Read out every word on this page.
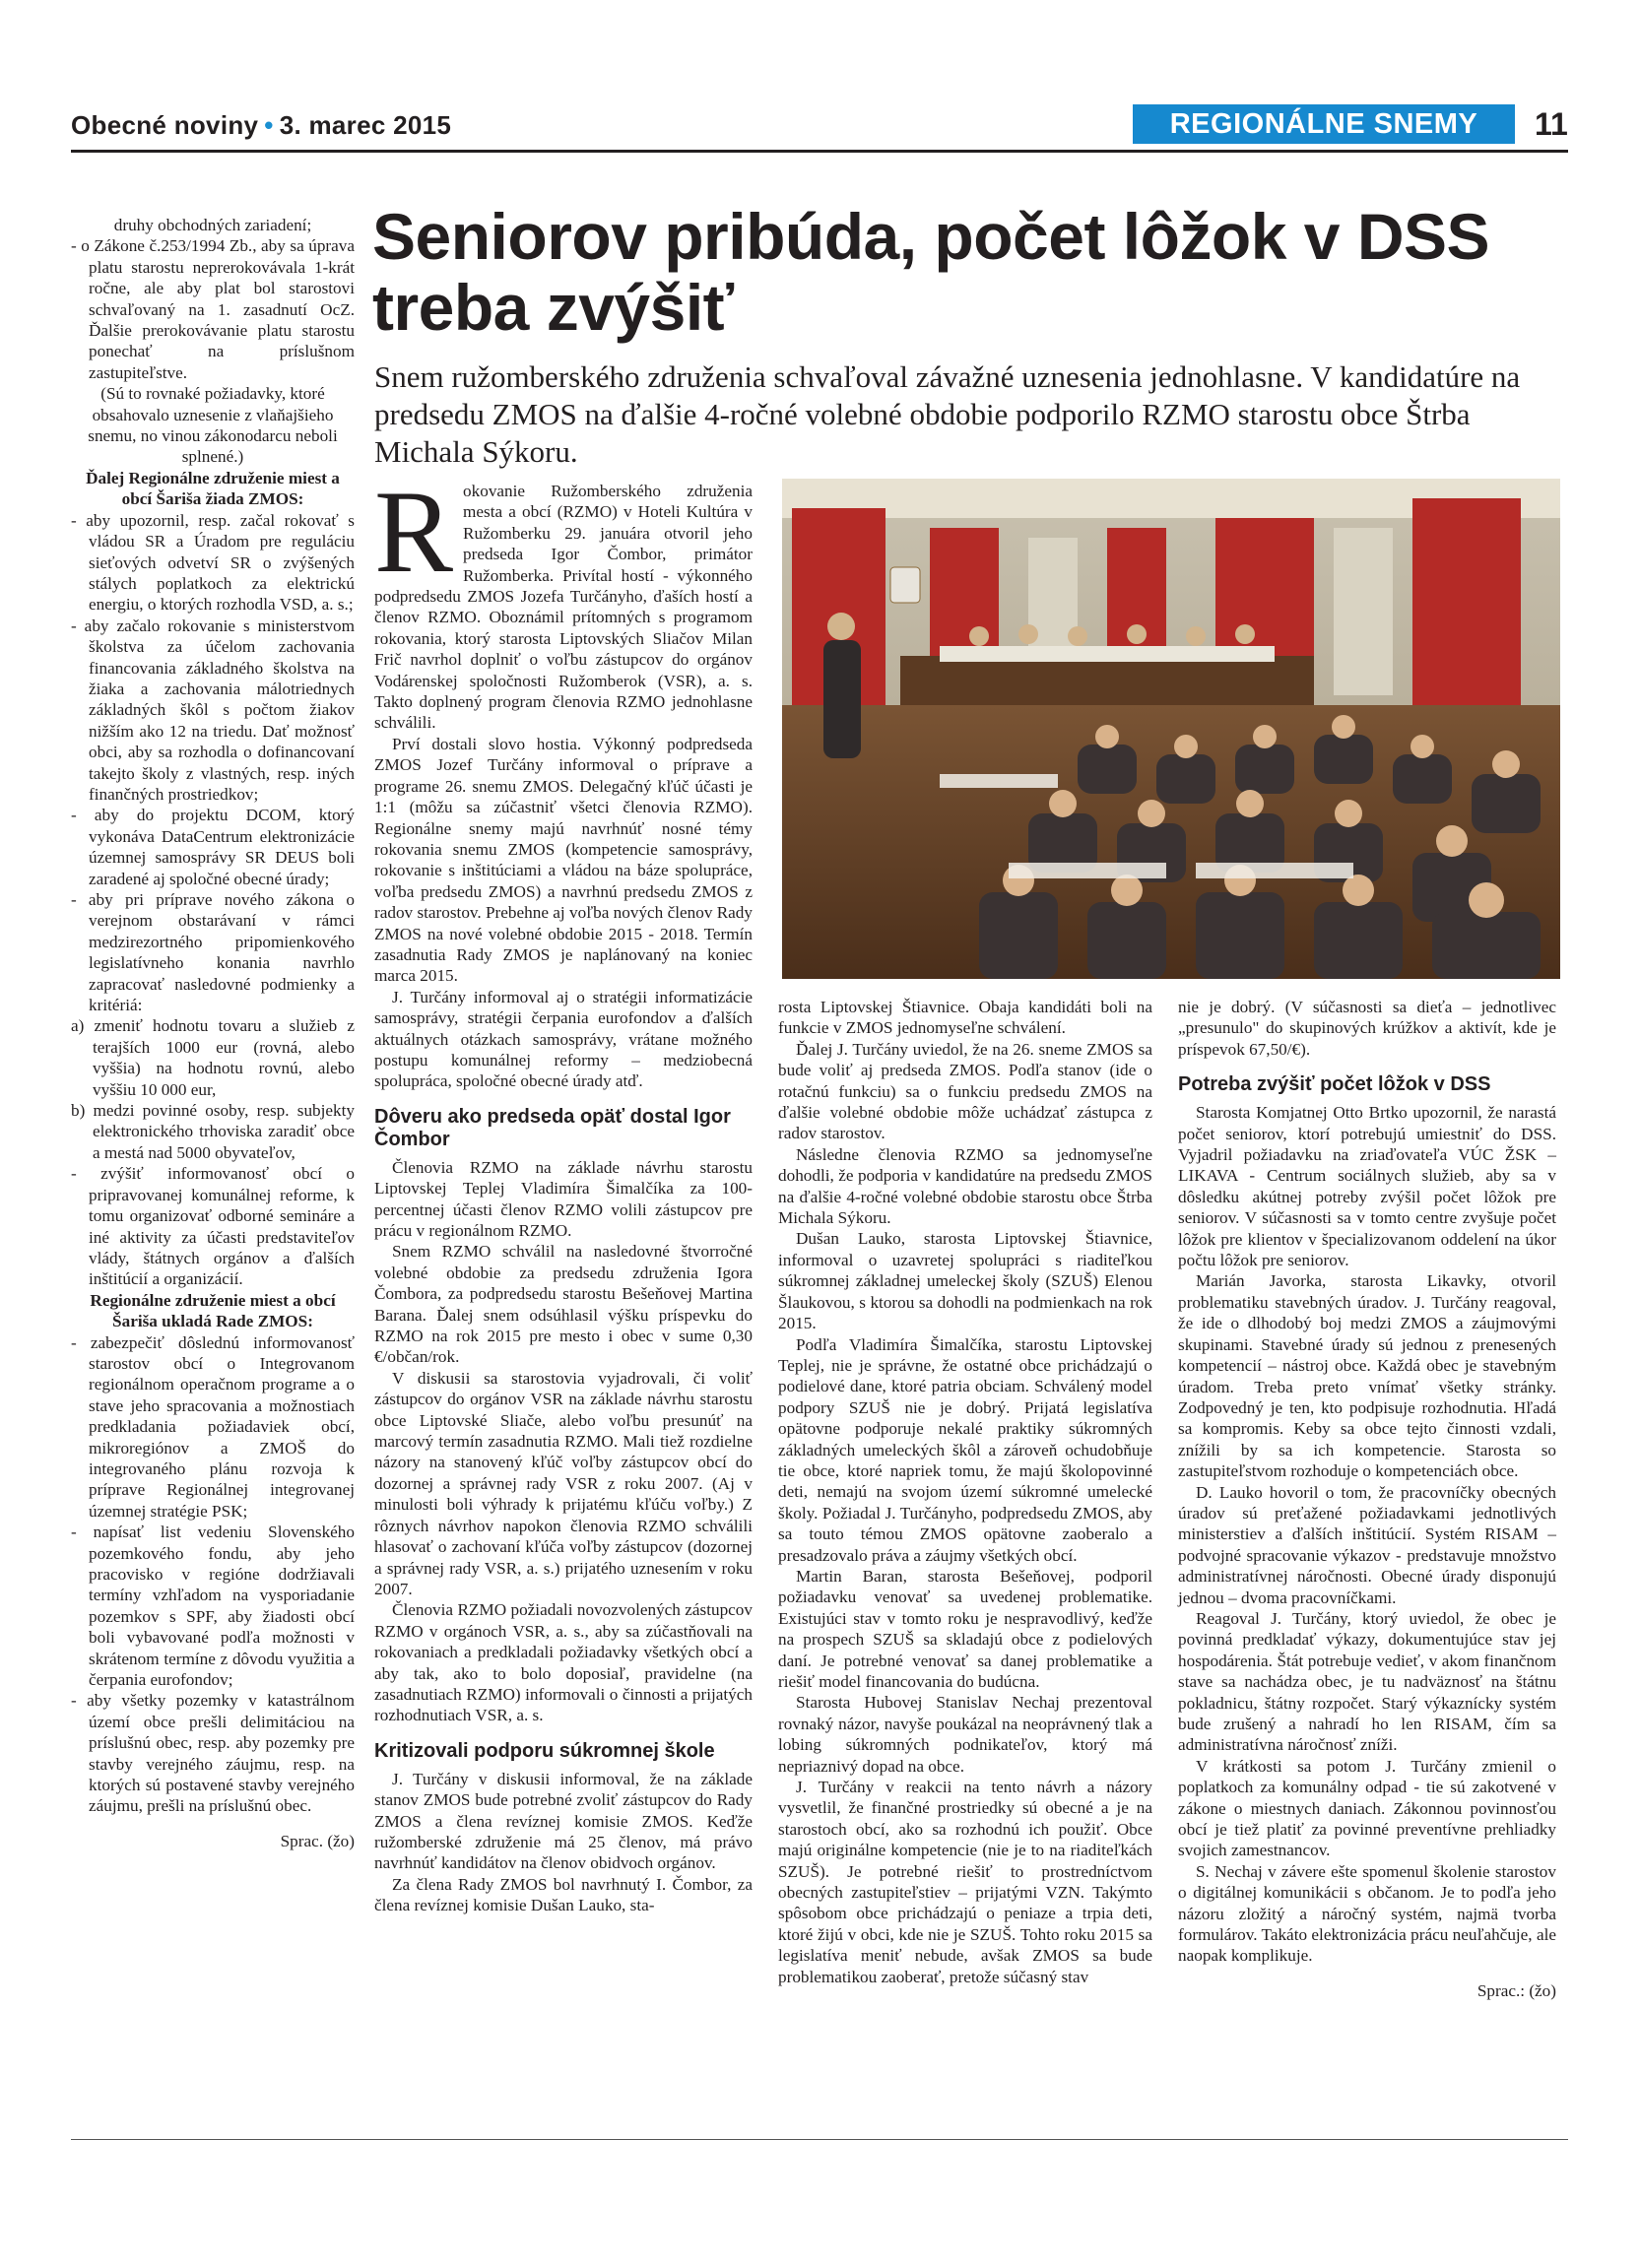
Obecné noviny • 3. marec 2015	REGIONÁLNE SNEMY	11

druhy obchodných zariadení;

- o Zákone č.253/1994 Zb., aby sa úprava platu starostu neprerokovávala 1-krát ročne, ale aby plat bol starostovi schvaľovaný na 1. zasadnutí OcZ. Ďalšie prerokovávanie platu starostu ponechať na príslušnom zastupiteľstve.

(Sú to rovnaké požiadavky, ktoré obsahovalo uznesenie z vlaňajšieho snemu, no vinou zákonodarcu neboli splnené.)

Ďalej Regionálne združenie miest a obcí Šariša žiada ZMOS:

- aby upozornil, resp. začal rokovať s vládou SR a Úradom pre reguláciu sieťových odvetví SR o zvýšených stálych poplatkoch za elektrickú energiu, o ktorých rozhodla VSD, a. s.;

- aby začalo rokovanie s ministerstvom školstva za účelom zachovania financovania základného školstva na žiaka a zachovania málotriednych základných škôl s počtom žiakov nižším ako 12 na triedu. Dať možnosť obci, aby sa rozhodla o dofinancovaní takejto školy z vlastných, resp. iných finančných prostriedkov;

- aby do projektu DCOM, ktorý vykonáva DataCentrum elektronizácie územnej samosprávy SR DEUS boli zaradené aj spoločné obecné úrady;

- aby pri príprave nového zákona o verejnom obstarávaní v rámci medzirezortného pripomienkového legislatívneho konania navrhlo zapracovať nasledovné podmienky a kritériá:

a) zmeniť hodnotu tovaru a služieb z terajších 1000 eur (rovná, alebo vyššia) na hodnotu rovnú, alebo vyššiu 10 000 eur,

b) medzi povinné osoby, resp. subjekty elektronického trhoviska zaradiť obce a mestá nad 5000 obyvateľov,

- zvýšiť informovanosť obcí o pripravovanej komunálnej reforme, k tomu organizovať odborné semináre a iné aktivity za účasti predstaviteľov vlády, štátnych orgánov a ďalších inštitúcií a organizácií.

Regionálne združenie miest a obcí Šariša ukladá Rade ZMOS:

- zabezpečiť dôslednú informovanosť starostov obcí o Integrovanom regionálnom operačnom programe a o stave jeho spracovania a možnostiach predkladania požiadaviek obcí, mikroregiónov a ZMOŠ do integrovaného plánu rozvoja k príprave Regionálnej integrovanej územnej stratégie PSK;

- napísať list vedeniu Slovenského pozemkového fondu, aby jeho pracovisko v regióne dodržiavali termíny vzhľadom na vysporiadanie pozemkov s SPF, aby žiadosti obcí boli vybavované podľa možnosti v skrátenom termíne z dôvodu využitia a čerpania eurofondov;

- aby všetky pozemky v katastrálnom území obce prešli delimitáciou na príslušnú obec, resp. aby pozemky pre stavby verejného záujmu, resp. na ktorých sú postavené stavby verejného záujmu, prešli na príslušnú obec.

Sprac. (žo)

Seniorov pribúda, počet lôžok v DSS treba zvýšiť
Snem ružomberského združenia schvaľoval závažné uznesenia jednohlasne. V kandidatúre na predsedu ZMOS na ďalšie 4-ročné volebné obdobie podporilo RZMO starostu obce Štrba Michala Sýkoru.

Rokovanie Ružomberského združenia mesta a obcí (RZMO) v Hoteli Kultúra v Ružomberku 29. januára otvoril jeho predseda Igor Čombor, primátor Ružomberka. Privítal hostí - výkonného podpredsedu ZMOS Jozefa Turčányho, ďaších hostí a členov RZMO. Oboznámil prítomných s programom rokovania, ktorý starosta Liptovských Sliačov Milan Frič navrhol doplniť o voľbu zástupcov do orgánov Vodárenskej spoločnosti Ružomberok (VSR), a. s. Takto doplnený program členovia RZMO jednohlasne schválili.

Prví dostali slovo hostia. Výkonný podpredseda ZMOS Jozef Turčány informoval o príprave a programe 26. snemu ZMOS. Delegačný kľúč účasti je 1:1 (môžu sa zúčastniť všetci členovia RZMO). Regionálne snemy majú navrhnúť nosné témy rokovania snemu ZMOS (kompetencie samosprávy, rokovanie s inštitúciami a vládou na báze spolupráce, voľba predsedu ZMOS) a navrhnú predsedu ZMOS z radov starostov. Prebehne aj voľba nových členov Rady ZMOS na nové volebné obdobie 2015 - 2018. Termín zasadnutia Rady ZMOS je naplánovaný na koniec marca 2015.

J. Turčány informoval aj o stratégii informatizácie samosprávy, stratégii čerpania eurofondov a ďalších aktuálnych otázkach samosprávy, vrátane možného postupu komunálnej reformy – medziobecná spolupráca, spoločné obecné úrady atď.

Dôveru ako predseda opäť dostal Igor Čombor

Členovia RZMO na základe návrhu starostu Liptovskej Teplej Vladimíra Šimalčíka za 100-percentnej účasti členov RZMO volili zástupcov pre prácu v regionálnom RZMO.

Snem RZMO schválil na nasledovné štvorročné volebné obdobie za predsedu združenia Igora Čombora, za podpredsedu starostu Bešeňovej Martina Barana. Ďalej snem odsúhlasil výšku príspevku do RZMO na rok 2015 pre mesto i obec v sume 0,30 €/občan/rok.

V diskusii sa starostovia vyjadrovali, či voliť zástupcov do orgánov VSR na základe návrhu starostu obce Liptovské Sliače, alebo voľbu presunúť na marcový termín zasadnutia RZMO. Mali tiež rozdielne názory na stanovený kľúč voľby zástupcov obcí do dozornej a správnej rady VSR z roku 2007. (Aj v minulosti boli výhrady k prijatému kľúču voľby.) Z rôznych návrhov napokon členovia RZMO schválili hlasovať o zachovaní kľúča voľby zástupcov (dozornej a správnej rady VSR, a. s.) prijatého uznesením v roku 2007.

Členovia RZMO požiadali novozvolených zástupcov RZMO v orgánoch VSR, a. s., aby sa zúčastňovali na rokovaniach a predkladali požiadavky všetkých obcí a aby tak, ako to bolo doposiaľ, pravidelne (na zasadnutiach RZMO) informovali o činnosti a prijatých rozhodnutiach VSR, a. s.

Kritizovali podporu súkromnej škole

J. Turčány v diskusii informoval, že na základe stanov ZMOS bude potrebné zvoliť zástupcov do Rady ZMOS a člena revíznej komisie ZMOS. Keďže ružomberské združenie má 25 členov, má právo navrhnúť kandidátov na členov obidvoch orgánov.

Za člena Rady ZMOS bol navrhnutý I. Čombor, za člena revíznej komisie Dušan Lauko, sta-

rosta Liptovskej Štiavnice. Obaja kandidáti boli na funkcie v ZMOS jednomyseľne schválení.

Ďalej J. Turčány uviedol, že na 26. sneme ZMOS sa bude voliť aj predseda ZMOS. Podľa stanov (ide o rotačnú funkciu) sa o funkciu predsedu ZMOS na ďalšie volebné obdobie môže uchádzať zástupca z radov starostov.

Následne členovia RZMO sa jednomyseľne dohodli, že podporia v kandidatúre na predsedu ZMOS na ďalšie 4-ročné volebné obdobie starostu obce Štrba Michala Sýkoru.

Dušan Lauko, starosta Liptovskej Štiavnice, informoval o uzavretej spolupráci s riaditeľkou súkromnej základnej umeleckej školy (SZUŠ) Elenou Šlaukovou, s ktorou sa dohodli na podmienkach na rok 2015.

Podľa Vladimíra Šimalčíka, starostu Liptovskej Teplej, nie je správne, že ostatné obce prichádzajú o podielové dane, ktoré patria obciam. Schválený model podpory SZUŠ nie je dobrý. Prijatá legislatíva opätovne podporuje nekalé praktiky súkromných základných umeleckých škôl a zároveň ochudobňuje tie obce, ktoré napriek tomu, že majú školopovinné deti, nemajú na svojom území súkromné umelecké školy. Požiadal J. Turčányho, podpredsedu ZMOS, aby sa touto témou ZMOS opätovne zaoberalo a presadzovalo práva a záujmy všetkých obcí.

Martin Baran, starosta Bešeňovej, podporil požiadavku venovať sa uvedenej problematike. Existujúci stav v tomto roku je nespravodlivý, keďže na prospech SZUŠ sa skladajú obce z podielových daní. Je potrebné venovať sa danej problematike a riešiť model financovania do budúcna.

Starosta Hubovej Stanislav Nechaj prezentoval rovnaký názor, navyše poukázal na neoprávnený tlak a lobing súkromných podnikateľov, ktorý má nepriaznivý dopad na obce.

J. Turčány v reakcii na tento návrh a názory vysvetlil, že finančné prostriedky sú obecné a je na starostoch obcí, ako sa rozhodnú ich použiť. Obce majú originálne kompetencie (nie je to na riaditeľkách SZUŠ). Je potrebné riešiť to prostredníctvom obecných zastupiteľstiev – prijatými VZN. Takýmto spôsobom obce prichádzajú o peniaze a trpia deti, ktoré žijú v obci, kde nie je SZUŠ. Tohto roku 2015 sa legislatíva meniť nebude, avšak ZMOS sa bude problematikou zaoberať, pretože súčasný stav

nie je dobrý. (V súčasnosti sa dieťa – jednotlivec „presunulo" do skupinových krúžkov a aktivít, kde je príspevok 67,50/€).

Potreba zvýšiť počet lôžok v DSS

Starosta Komjatnej Otto Brtko upozornil, že narastá počet seniorov, ktorí potrebujú umiestniť do DSS. Vyjadril požiadavku na zriaďovateľa VÚC ŽSK – LIKAVA - Centrum sociálnych služieb, aby sa v dôsledku akútnej potreby zvýšil počet lôžok pre seniorov. V súčasnosti sa v tomto centre zvyšuje počet lôžok pre klientov v špecializovanom oddelení na úkor počtu lôžok pre seniorov.

Marián Javorka, starosta Likavky, otvoril problematiku stavebných úradov. J. Turčány reagoval, že ide o dlhodobý boj medzi ZMOS a záujmovými skupinami. Stavebné úrady sú jednou z prenesených kompetencií – nástroj obce. Každá obec je stavebným úradom. Treba preto vnímať všetky stránky. Zodpovedný je ten, kto podpisuje rozhodnutia. Hľadá sa kompromis. Keby sa obce tejto činnosti vzdali, znížili by sa ich kompetencie. Starosta so zastupiteľstvom rozhoduje o kompetenciách obce.

D. Lauko hovoril o tom, že pracovníčky obecných úradov sú preťažené požiadavkami jednotlivých ministerstiev a ďalších inštitúcií. Systém RISAM – podvojné spracovanie výkazov - predstavuje množstvo administratívnej náročnosti. Obecné úrady disponujú jednou – dvoma pracovníčkami.

Reagoval J. Turčány, ktorý uviedol, že obec je povinná predkladať výkazy, dokumentujúce stav jej hospodárenia. Štát potrebuje vedieť, v akom finančnom stave sa nachádza obec, je tu nadväznosť na štátnu pokladnicu, štátny rozpočet. Starý výkaznícky systém bude zrušený a nahradí ho len RISAM, čím sa administratívna náročnosť zníži.

V krátkosti sa potom J. Turčány zmienil o poplatkoch za komunálny odpad - tie sú zakotvené v zákone o miestnych daniach. Zákonnou povinnosťou obcí je tiež platiť za povinné preventívne prehliadky svojich zamestnancov.

S. Nechaj v závere ešte spomenul školenie starostov o digitálnej komunikácii s občanom. Je to podľa jeho názoru zložitý a náročný systém, najmä tvorba formulárov. Takáto elektronizácia prácu neuľahčuje, ale naopak komplikuje.

Sprac.: (žo)
